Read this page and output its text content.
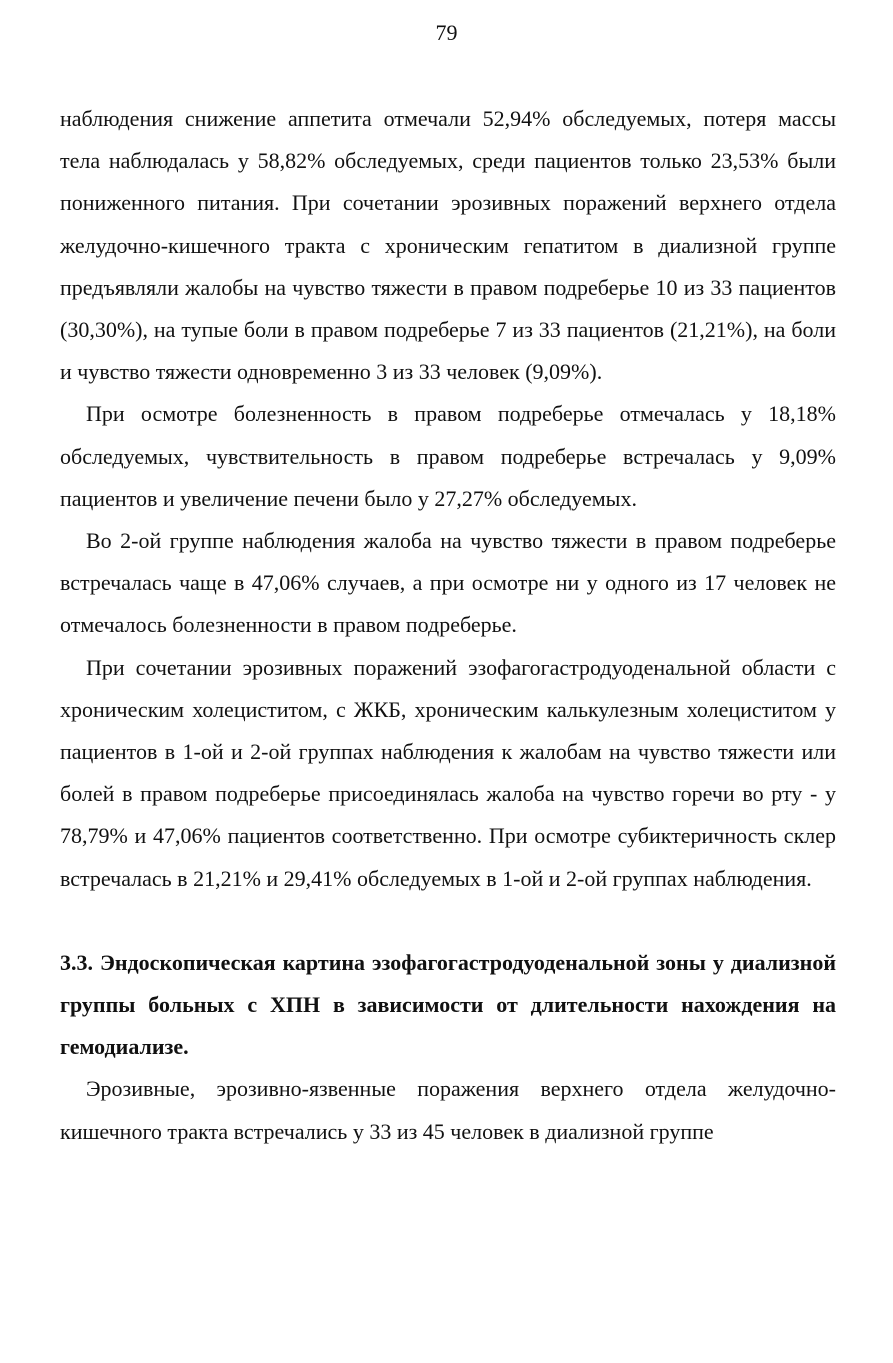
79

наблюдения снижение аппетита отмечали 52,94% обследуемых, потеря массы тела наблюдалась у 58,82% обследуемых, среди пациентов только 23,53% были пониженного питания. При сочетании эрозивных поражений верхнего отдела желудочно-кишечного тракта с хроническим гепатитом в диализной группе предъявляли жалобы на чувство тяжести в правом подреберье 10 из 33 пациентов (30,30%), на тупые боли в правом подреберье 7 из 33 пациентов (21,21%), на боли и чувство тяжести одновременно 3 из 33 человек (9,09%).

При осмотре болезненность в правом подреберье отмечалась у 18,18% обследуемых, чувствительность в правом подреберье встречалась у 9,09% пациентов и увеличение печени было у 27,27% обследуемых.

Во 2-ой группе наблюдения жалоба на чувство тяжести в правом подреберье встречалась чаще в 47,06% случаев, а при осмотре ни у одного из 17 человек не отмечалось болезненности в правом подреберье.

При сочетании эрозивных поражений эзофагогастродуоденальной области с хроническим холециститом, с ЖКБ, хроническим калькулезным холециститом у пациентов в 1-ой и 2-ой группах наблюдения к жалобам на чувство тяжести или болей в правом подреберье присоединялась жалоба на чувство горечи во рту - у 78,79% и 47,06% пациентов соответственно. При осмотре субиктеричность склер встречалась в 21,21% и 29,41% обследуемых в 1-ой и 2-ой группах наблюдения.

3.3. Эндоскопическая картина эзофагогастродуоденальной зоны у диализной группы больных с ХПН в зависимости от длительности нахождения на гемодиализе.

Эрозивные, эрозивно-язвенные поражения верхнего отдела желудочно-кишечного тракта встречались у 33 из 45 человек в диализной группе
